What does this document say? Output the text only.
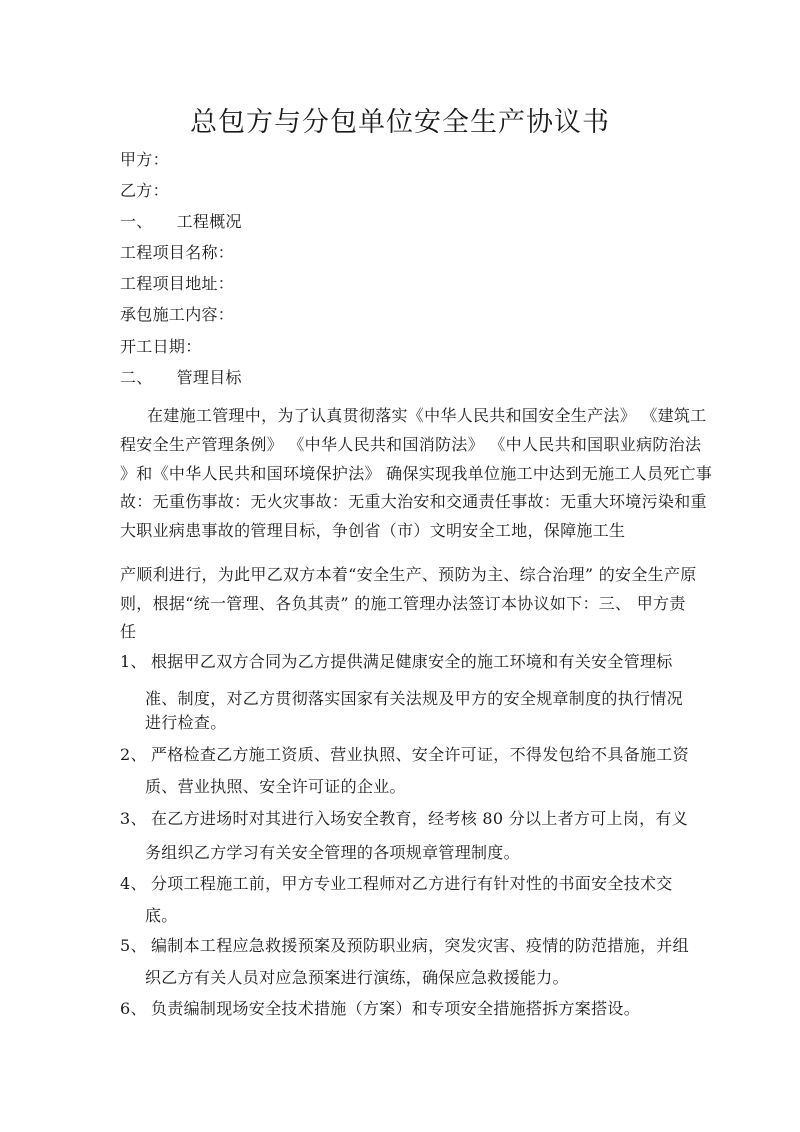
总包方与分包单位安全生产协议书
甲方：
乙方：
一、 工程概况
工程项目名称：
工程项目地址：
承包施工内容：
开工日期：
二、 管理目标
在建施工管理中，为了认真贯彻落实《中华人民共和国安全生产法》 《建筑工
程安全生产管理条例》 《中华人民共和国消防法》 《中人民共和国职业病防治法
》和《中华人民共和国环境保护法》 确保实现我单位施工中达到无施工人员死亡事
故：无重伤事故：无火灾事故：无重大治安和交通责任事故：无重大环境污染和重
大职业病患事故的管理目标，争创省（市）文明安全工地，保障施工生
产顺利进行，为此甲乙双方本着“安全生产、预防为主、综合治理” 的安全生产原
则，根据“统一管理、各负其责” 的施工管理办法签订本协议如下：三、 甲方责
任
1、 根据甲乙双方合同为乙方提供满足健康安全的施工环境和有关安全管理标
准、制度，对乙方贯彻落实国家有关法规及甲方的安全规章制度的执行情况
进行检查。
2、 严格检查乙方施工资质、营业执照、安全许可证，不得发包给不具备施工资
质、营业执照、安全许可证的企业。
3、 在乙方进场时对其进行入场安全教育，经考核 80 分以上者方可上岗，有义
务组织乙方学习有关安全管理的各项规章管理制度。
4、 分项工程施工前，甲方专业工程师对乙方进行有针对性的书面安全技术交
底。
5、 编制本工程应急救援预案及预防职业病，突发灾害、疫情的防范措施，并组
织乙方有关人员对应急预案进行演练，确保应急救援能力。
6、 负责编制现场安全技术措施（方案）和专项安全措施搭拆方案搭设。
